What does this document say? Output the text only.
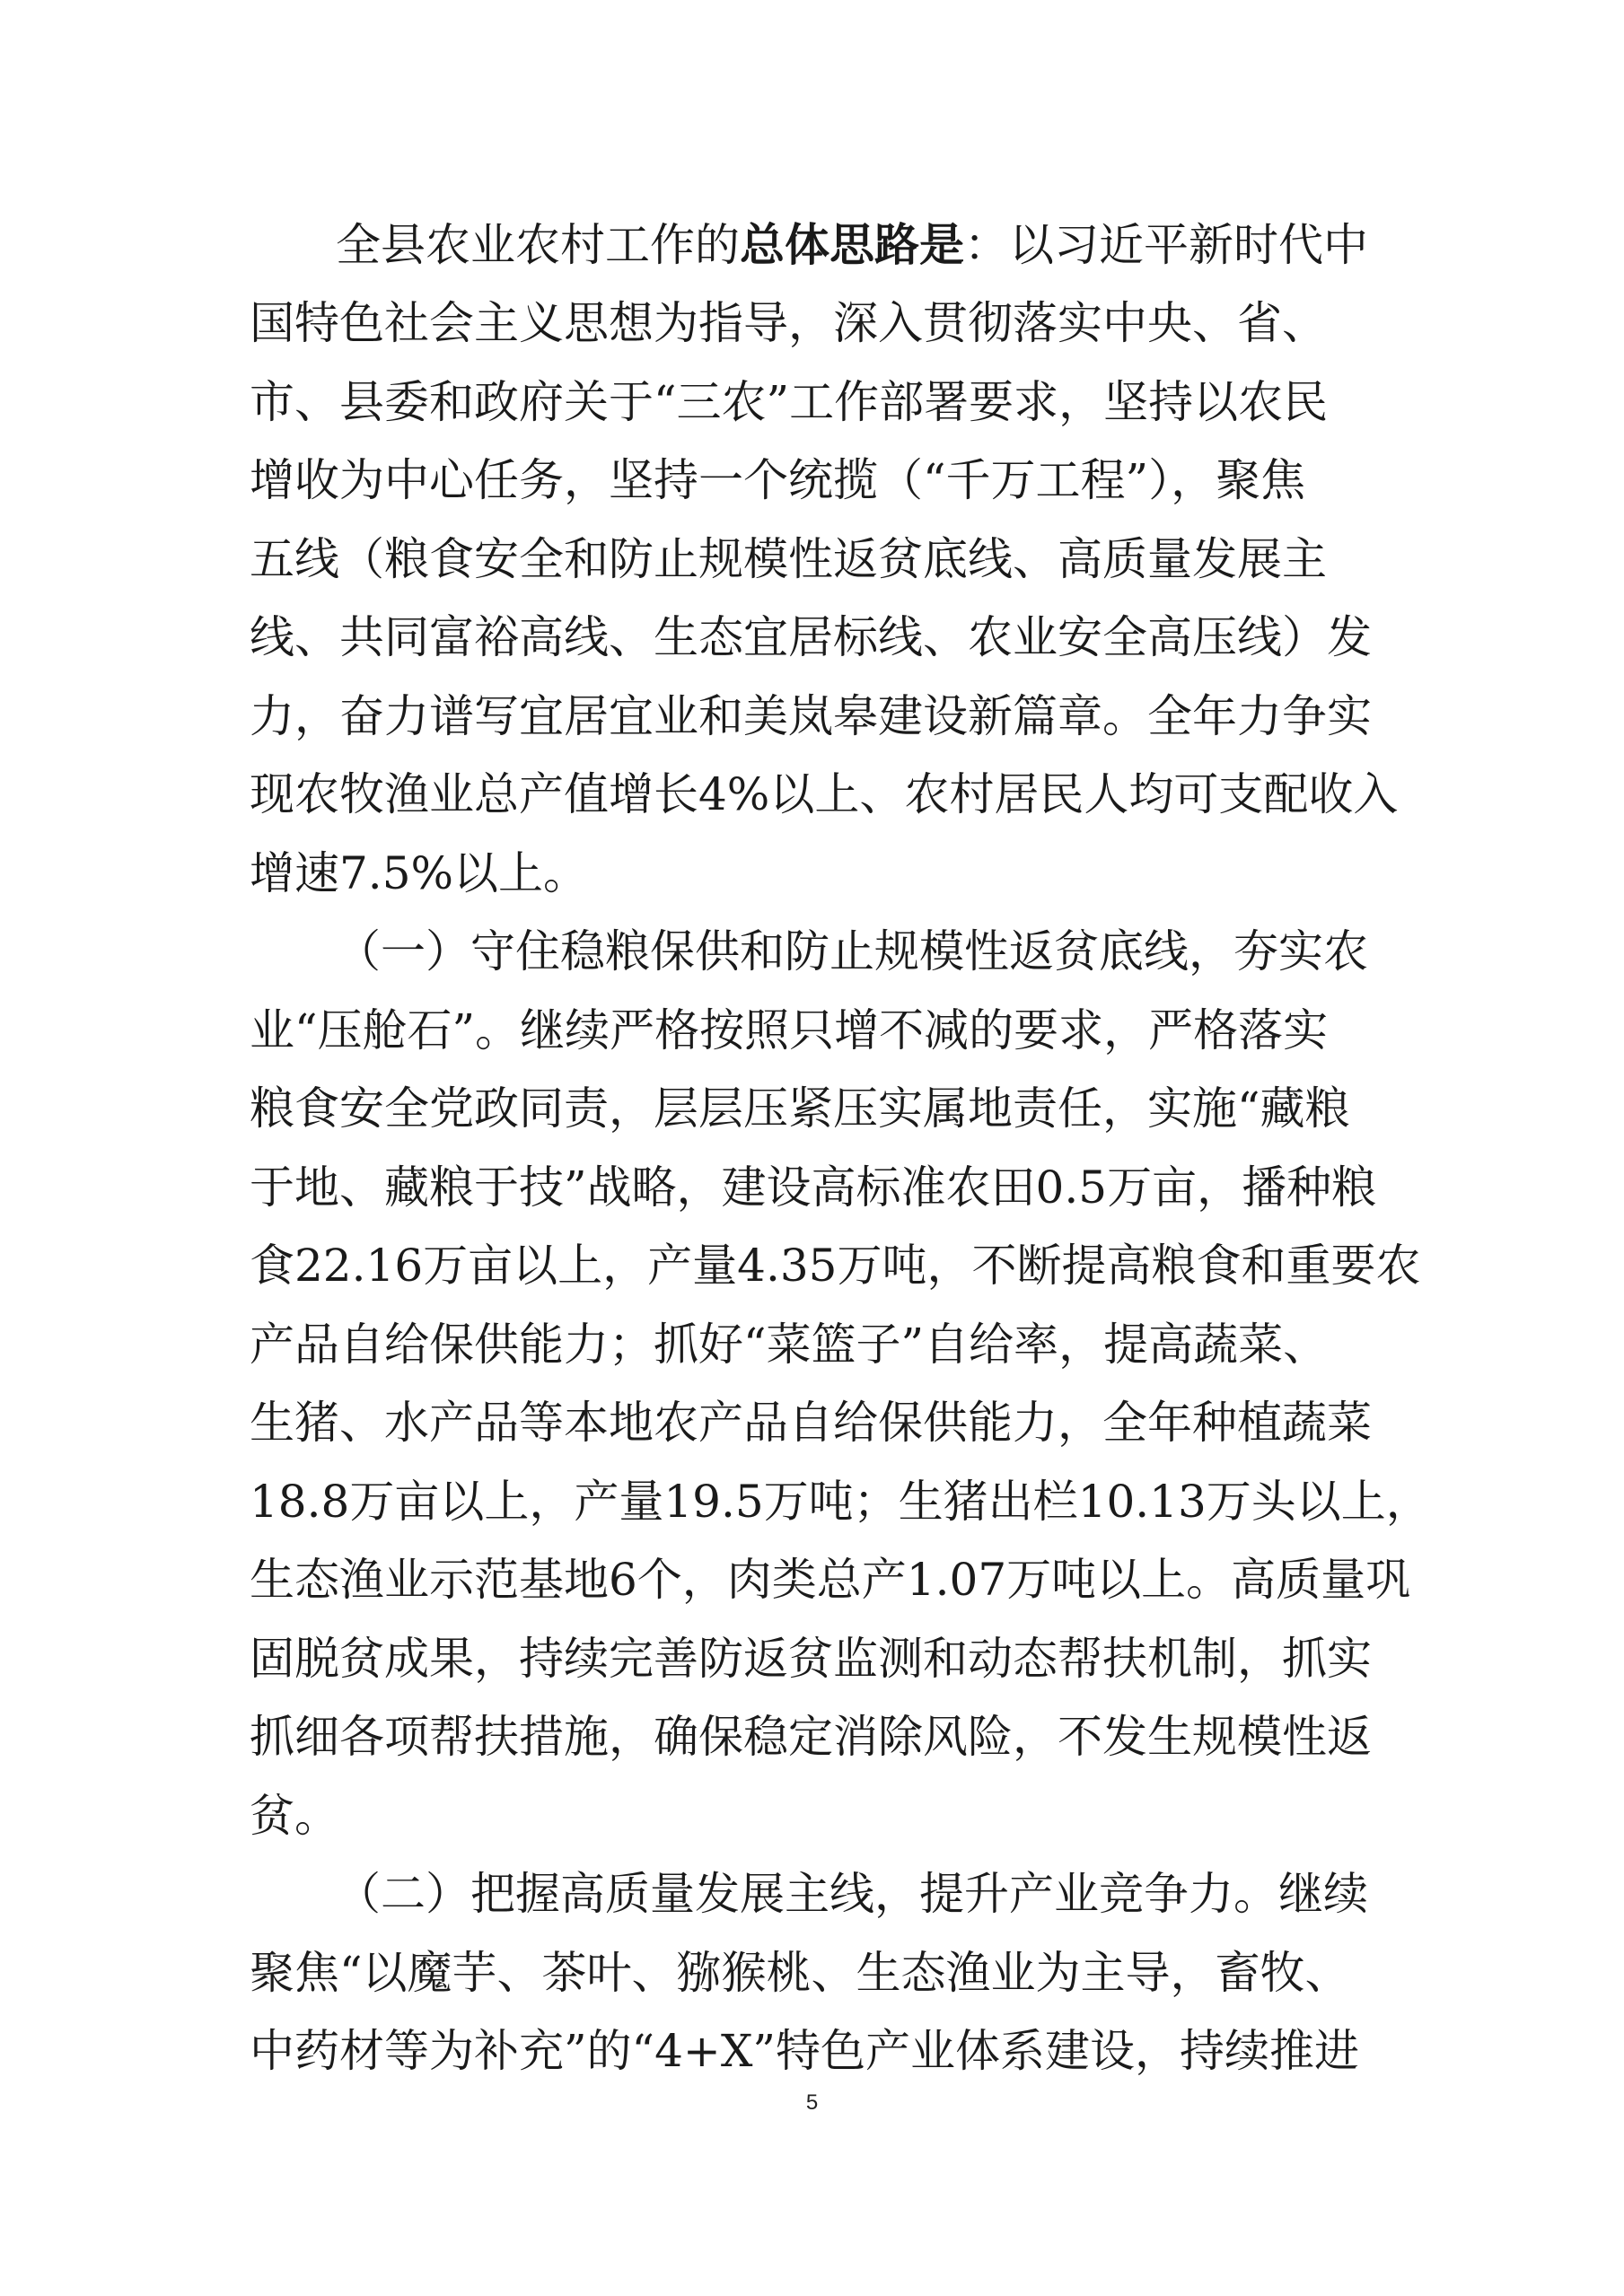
全县农业农村工作的总体思路是：以习近平新时代中
国特色社会主义思想为指导，深入贯彻落实中央、省、
市、县委和政府关于“三农”工作部署要求，坚持以农民
增收为中心任务，坚持一个统揽（“千万工程”），聚焦
五线（粮食安全和防止规模性返贫底线、高质量发展主
线、共同富裕高线、生态宜居标线、农业安全高压线）发
力，奋力谱写宜居宜业和美岚皋建设新篇章。全年力争实
现农牧渔业总产值增长4%以上、农村居民人均可支配收入
增速7.5%以上。
（一）守住稳粮保供和防止规模性返贫底线，夯实农
业“压舱石”。继续严格按照只增不减的要求，严格落实
粮食安全党政同责，层层压紧压实属地责任，实施“藏粮
于地、藏粮于技”战略，建设高标准农田0.5万亩，播种粮
食22.16万亩以上，产量4.35万吨，不断提高粮食和重要农
产品自给保供能力；抓好“菜篮子”自给率，提高蔬菜、
生猪、水产品等本地农产品自给保供能力，全年种植蔬菜
18.8万亩以上，产量19.5万吨；生猪出栏10.13万头以上，
生态渔业示范基地6个，肉类总产1.07万吨以上。高质量巩
固脱贫成果，持续完善防返贫监测和动态帮扶机制，抓实
抓细各项帮扶措施，确保稳定消除风险，不发生规模性返
贫。
（二）把握高质量发展主线，提升产业竞争力。继续
聚焦“以魔芋、茶叶、猕猴桃、生态渔业为主导，畜牧、
中药材等为补充”的“4+X”特色产业体系建设，持续推进
5
